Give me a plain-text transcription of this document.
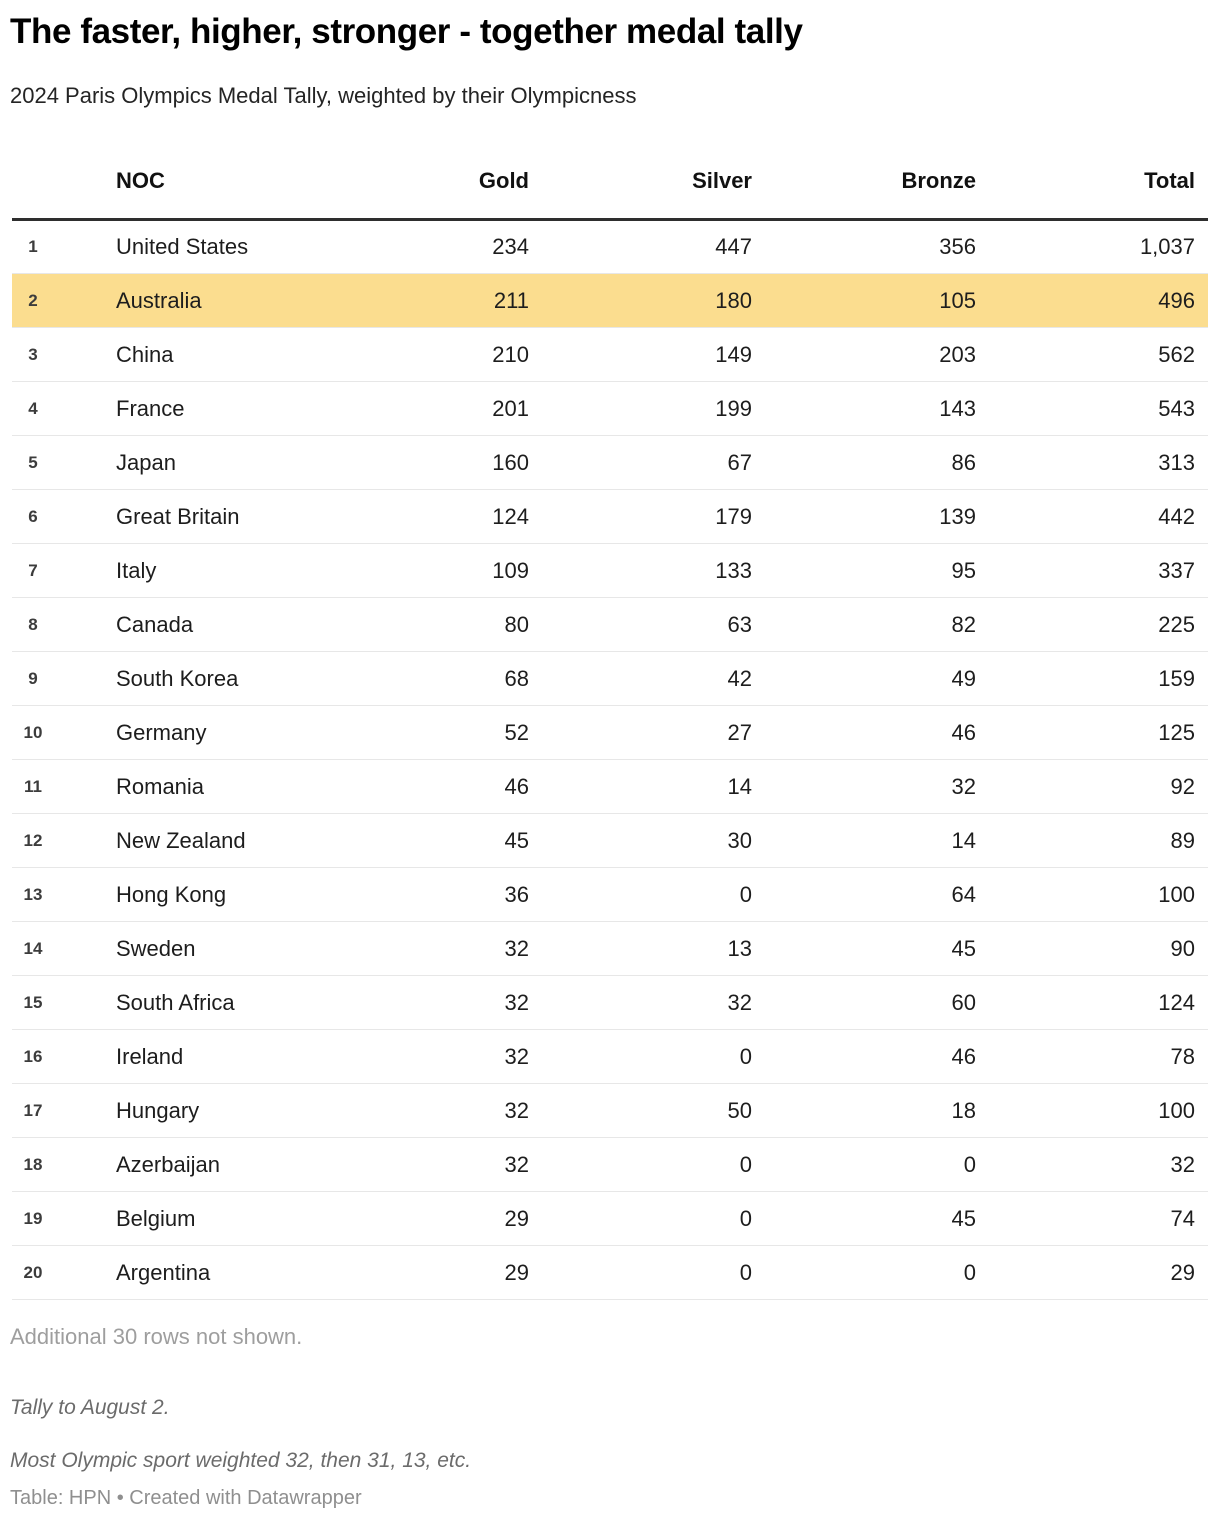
The faster, higher, stronger - together medal tally

2024 Paris Olympics Medal Tally, weighted by their Olympicness

	NOC	Gold	Silver	Bronze	Total
1	United States	234	447	356	1,037
2	Australia	211	180	105	496
3	China	210	149	203	562
4	France	201	199	143	543
5	Japan	160	67	86	313
6	Great Britain	124	179	139	442
7	Italy	109	133	95	337
8	Canada	80	63	82	225
9	South Korea	68	42	49	159
10	Germany	52	27	46	125
11	Romania	46	14	32	92
12	New Zealand	45	30	14	89
13	Hong Kong	36	0	64	100
14	Sweden	32	13	45	90
15	South Africa	32	32	60	124
16	Ireland	32	0	46	78
17	Hungary	32	50	18	100
18	Azerbaijan	32	0	0	32
19	Belgium	29	0	45	74
20	Argentina	29	0	0	29

Additional 30 rows not shown.

Tally to August 2.

Most Olympic sport weighted 32, then 31, 13, etc.

Table: HPN • Created with Datawrapper
